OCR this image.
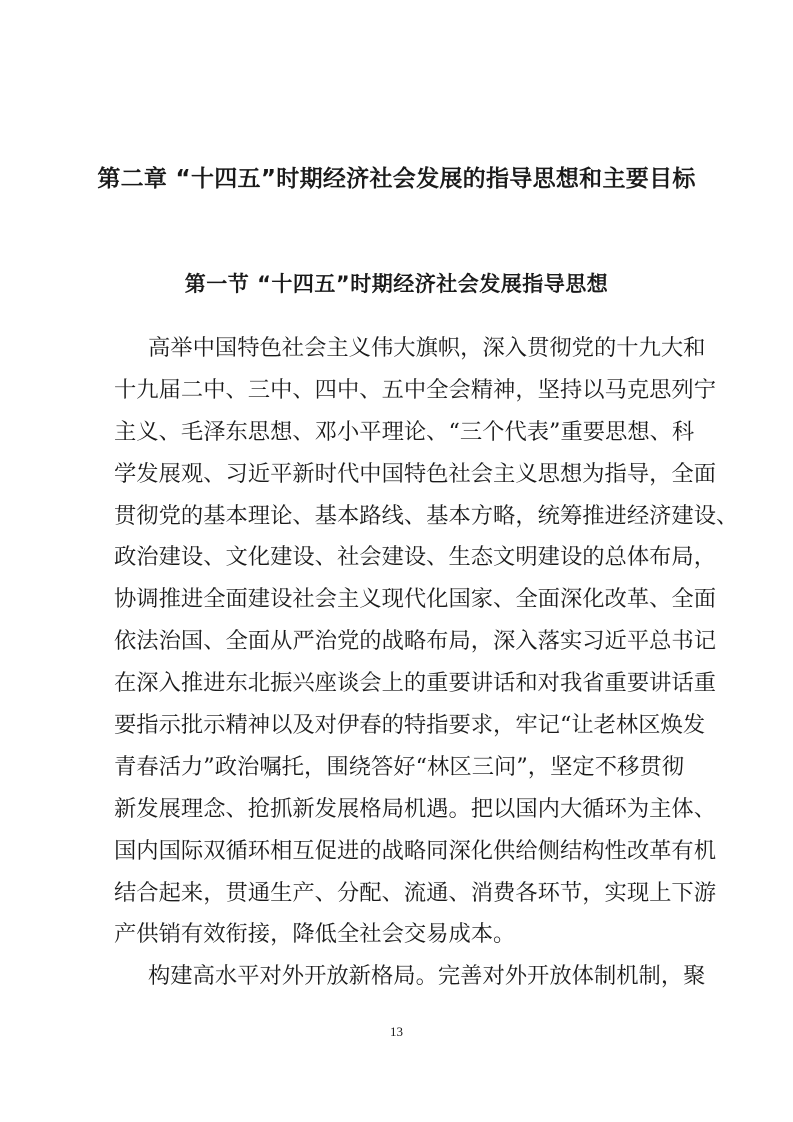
第二章 “十四五”时期经济社会发展的指导思想和主要目标
第一节 “十四五”时期经济社会发展指导思想
高举中国特色社会主义伟大旗帜，深入贯彻党的十九大和
十九届二中、三中、四中、五中全会精神，坚持以马克思列宁
主义、毛泽东思想、邓小平理论、“三个代表”重要思想、科
学发展观、习近平新时代中国特色社会主义思想为指导，全面
贯彻党的基本理论、基本路线、基本方略，统筹推进经济建设、
政治建设、文化建设、社会建设、生态文明建设的总体布局，
协调推进全面建设社会主义现代化国家、全面深化改革、全面
依法治国、全面从严治党的战略布局，深入落实习近平总书记
在深入推进东北振兴座谈会上的重要讲话和对我省重要讲话重
要指示批示精神以及对伊春的特指要求，牢记“让老林区焕发
青春活力”政治嘱托，围绕答好“林区三问”，坚定不移贯彻
新发展理念、抢抓新发展格局机遇。把以国内大循环为主体、
国内国际双循环相互促进的战略同深化供给侧结构性改革有机
结合起来，贯通生产、分配、流通、消费各环节，实现上下游
产供销有效衔接，降低全社会交易成本。
构建高水平对外开放新格局。完善对外开放体制机制，聚
13
